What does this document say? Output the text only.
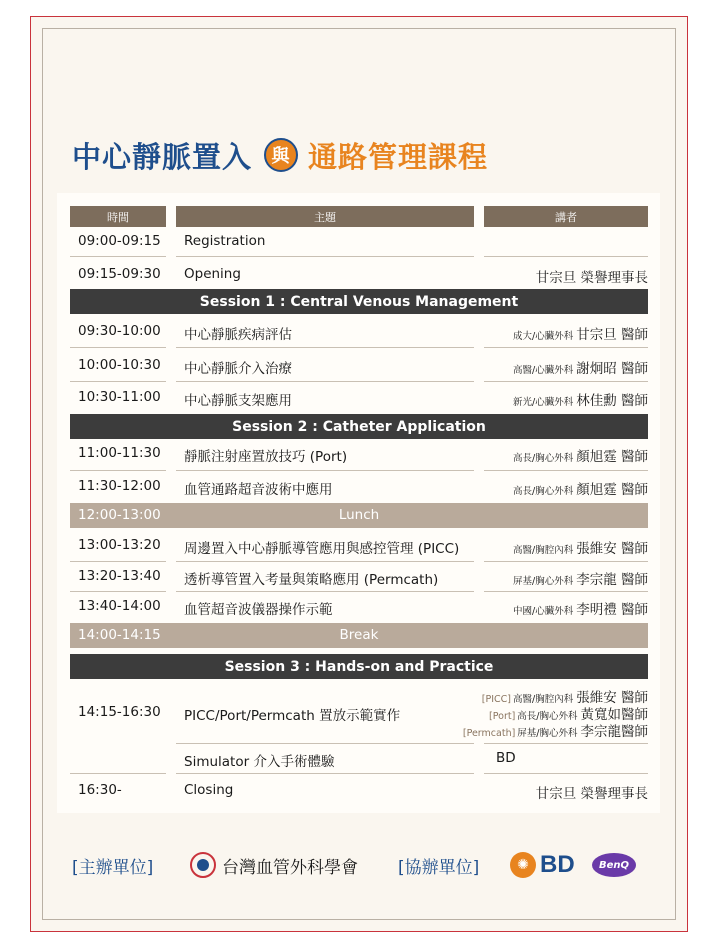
中心靜脈置入	與 通路管理課程
時間	主題	講者
09:00-09:15 Registration
09:15-09:30 Opening	甘宗旦 榮譽理事長
Session 1 : Central Venous Management
09:30-10:00 中心靜脈疾病評估	成大/心臟外科 甘宗旦 醫師
10:00-10:30 中心靜脈介入治療	高醫/心臟外科 謝炯昭 醫師
10:30-11:00 中心靜脈支架應用	新光/心臟外科 林佳勳 醫師
Session 2 : Catheter Application
11:00-11:30 靜脈注射座置放技巧 (Port)	高長/胸心外科 顏旭霆 醫師
11:30-12:00 血管通路超音波術中應用	高長/胸心外科 顏旭霆 醫師
12:00-13:00	Lunch
13:00-13:20 周邊置入中心靜脈導管應用與感控管理 (PICC)	高醫/胸腔內科 張維安 醫師
13:20-13:40 透析導管置入考量與策略應用 (Permcath)	屏基/胸心外科 李宗龍 醫師
13:40-14:00 血管超音波儀器操作示範	中國/心臟外科 李明禮 醫師
14:00-14:15	Break
Session 3 : Hands-on and Practice
14:15-16:30 PICC/Port/Permcath 置放示範實作
[PICC] 高醫/胸腔內科 張維安 醫師
[Port] 高長/胸心外科 黃寬如醫師
[Permcath] 屏基/胸心外科 李宗龍醫師
Simulator 介入手術體驗	BD
16:30-	Closing	甘宗旦 榮譽理事長
[主辦單位]	台灣血管外科學會 [協辦單位]	✺ BD	BenQ
